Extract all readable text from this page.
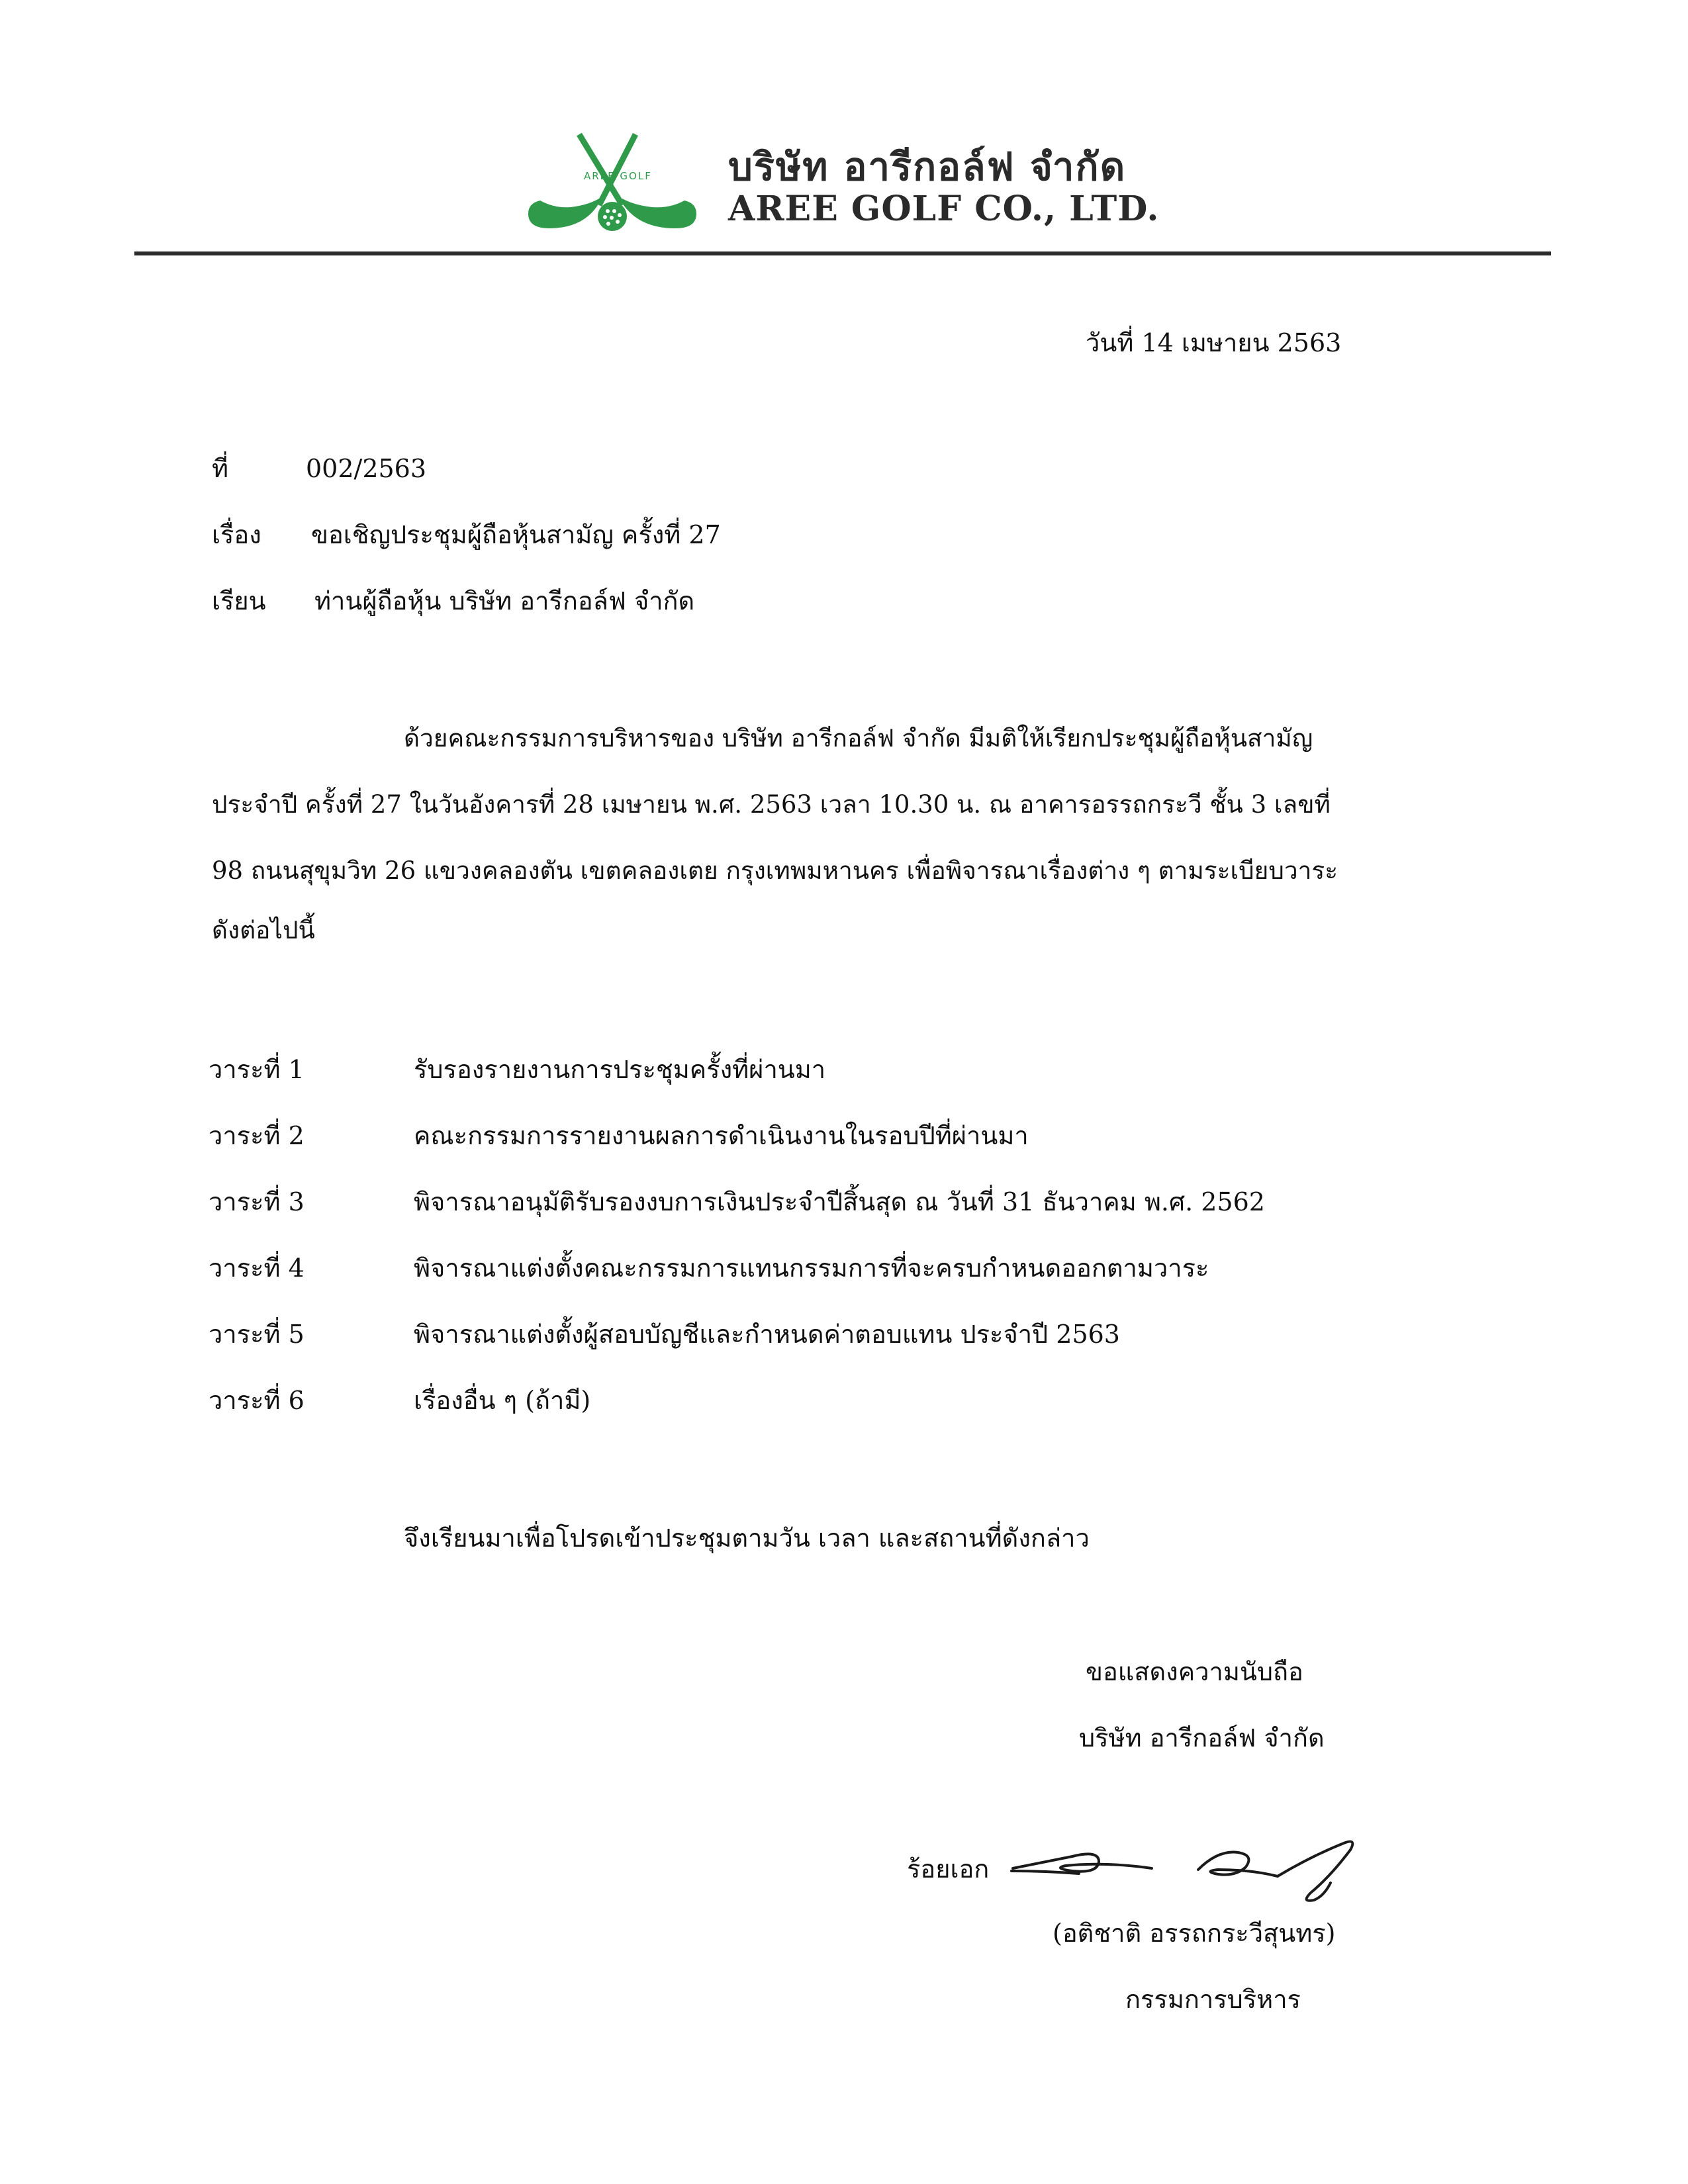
AREE GOLF บริษัท อารีกอล์ฟ จำกัด
AREE GOLF CO., LTD.
วันที่ 14 เมษายน 2563
ที่	002/2563
เรื่อง ขอเชิญประชุมผู้ถือหุ้นสามัญ ครั้งที่ 27
เรียน ท่านผู้ถือหุ้น บริษัท อารีกอล์ฟ จำกัด
ด้วยคณะกรรมการบริหารของ บริษัท อารีกอล์ฟ จำกัด มีมติให้เรียกประชุมผู้ถือหุ้นสามัญ
ประจำปี ครั้งที่ 27 ในวันอังคารที่ 28 เมษายน พ.ศ. 2563 เวลา 10.30 น. ณ อาคารอรรถกระวี ชั้น 3 เลขที่
98 ถนนสุขุมวิท 26 แขวงคลองตัน เขตคลองเตย กรุงเทพมหานคร เพื่อพิจารณาเรื่องต่าง ๆ ตามระเบียบวาระ
ดังต่อไปนี้
วาระที่ 1	รับรองรายงานการประชุมครั้งที่ผ่านมา
วาระที่ 2	คณะกรรมการรายงานผลการดำเนินงานในรอบปีที่ผ่านมา
วาระที่ 3	พิจารณาอนุมัติรับรองงบการเงินประจำปีสิ้นสุด ณ วันที่ 31 ธันวาคม พ.ศ. 2562
วาระที่ 4	พิจารณาแต่งตั้งคณะกรรมการแทนกรรมการที่จะครบกำหนดออกตามวาระ
วาระที่ 5	พิจารณาแต่งตั้งผู้สอบบัญชีและกำหนดค่าตอบแทน ประจำปี 2563
วาระที่ 6	เรื่องอื่น ๆ (ถ้ามี)
จึงเรียนมาเพื่อโปรดเข้าประชุมตามวัน เวลา และสถานที่ดังกล่าว
ขอแสดงความนับถือ
บริษัท อารีกอล์ฟ จำกัด
ร้อยเอก
(อติชาติ อรรถกระวีสุนทร)
กรรมการบริหาร
